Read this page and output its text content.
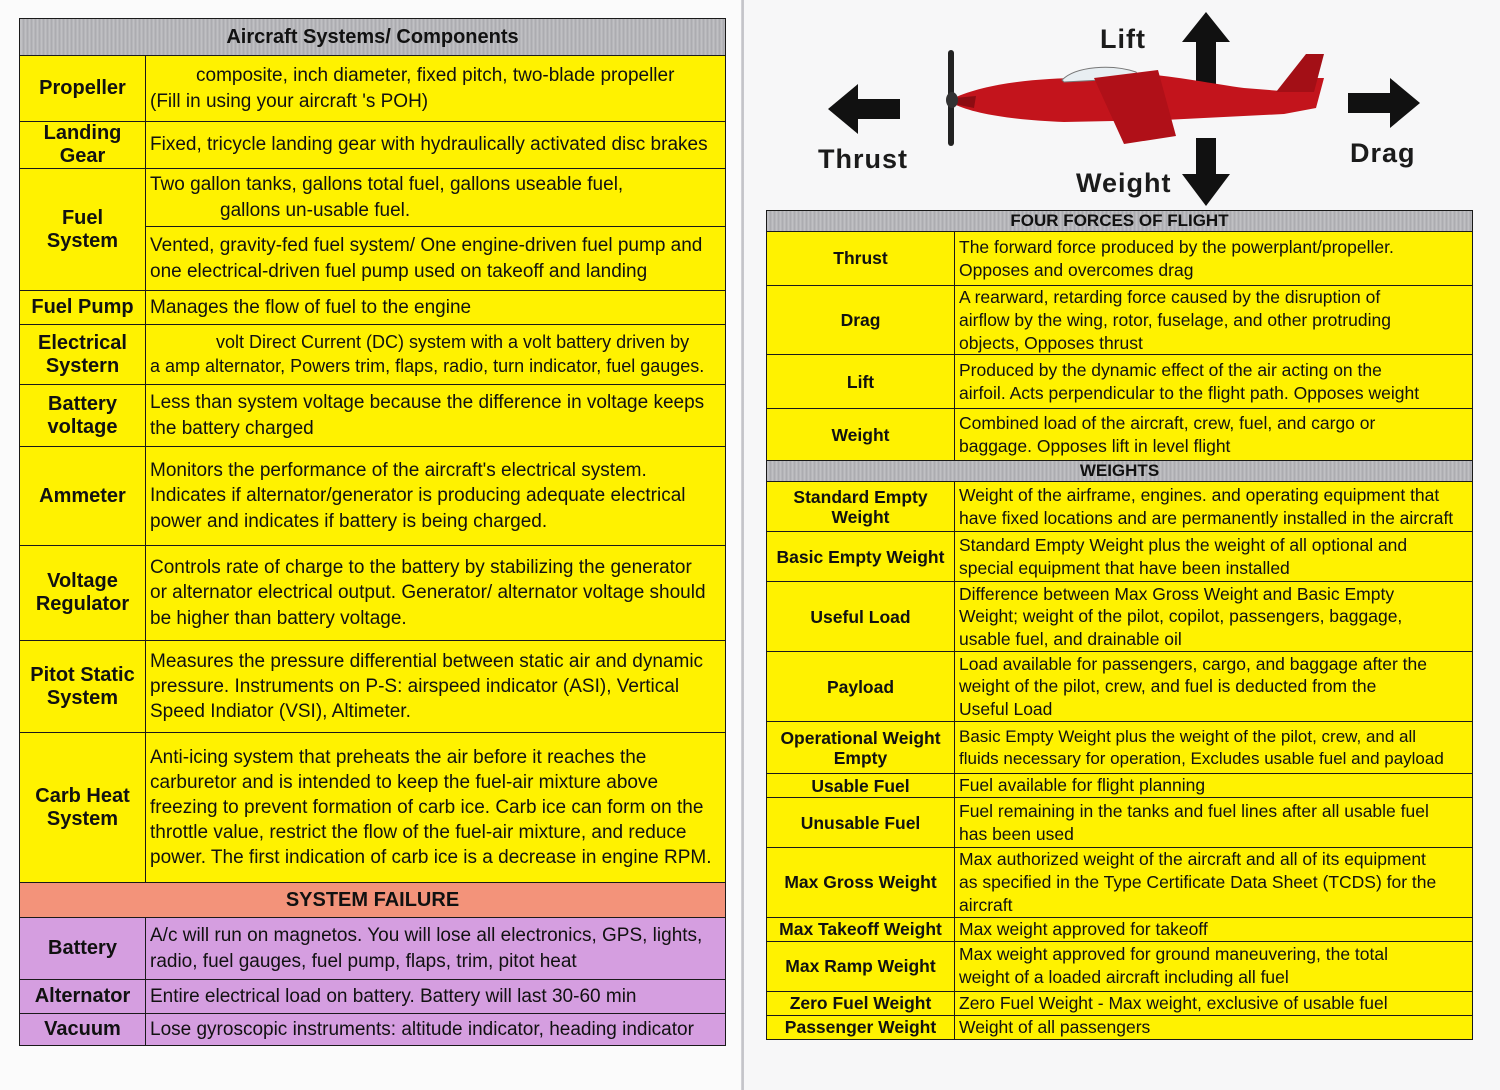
Aircraft Systems/ Components	
Propeller	composite, inch diameter, fixed pitch, two-blade propeller
(Fill in using your aircraft 's POH)

Landing Gear	Fixed, tricycle landing gear with hydraulically activated disc brakes

Fuel System	Two gallon tanks, gallons total fuel, gallons useable fuel,
gallons un-usable fuel.

	Vented, gravity-fed fuel system/ One engine-driven fuel pump and
one electrical-driven fuel pump used on takeoff and landing

Fuel Pump	Manages the flow of fuel to the engine

Electrical Systern	volt Direct Current (DC) system with a volt battery driven by
a amp alternator, Powers trim, flaps, radio, turn indicator, fuel gauges.

Battery voltage	Less than system voltage because the difference in voltage keeps
the battery charged

Ammeter	Monitors the performance of the aircraft's electrical system.
Indicates if alternator/generator is producing adequate electrical
power and indicates if battery is being charged.

Voltage Regulator	Controls rate of charge to the battery by stabilizing the generator
or alternator electrical output. Generator/ alternator voltage should
be higher than battery voltage.

Pitot Static System	Measures the pressure differential between static air and dynamic
pressure. Instruments on P-S: airspeed indicator (ASI), Vertical
Speed Indiator (VSI), Altimeter.

Carb Heat System	Anti-icing system that preheats the air before it reaches the
carburetor and is intended to keep the fuel-air mixture above
freezing to prevent formation of carb ice. Carb ice can form on the
throttle value, restrict the flow of the fuel-air mixture, and reduce
power. The first indication of carb ice is a decrease in engine RPM.

SYSTEM FAILURE	
Battery	A/c will run on magnetos. You will lose all electronics, GPS, lights,
radio, fuel gauges, fuel pump, flaps, trim, pitot heat

Alternator	Entire electrical load on battery. Battery will last 30-60 min

Vacuum	Lose gyroscopic instruments: altitude indicator, heading indicator
Lift
Thrust	Drag
Weight
FOUR FORCES OF FLIGHT	
Thrust	The forward force produced by the powerplant/propeller.
Opposes and overcomes drag

Drag	A rearward, retarding force caused by the disruption of
airflow by the wing, rotor, fuselage, and other protruding
objects, Opposes thrust

Lift	Produced by the dynamic effect of the air acting on the
airfoil. Acts perpendicular to the flight path. Opposes weight

Weight	Combined load of the aircraft, crew, fuel, and cargo or
baggage. Opposes lift in level flight

WEIGHTS	
Standard Empty Weight	Weight of the airframe, engines. and operating equipment that
have fixed locations and are permanently installed in the aircraft

Basic Empty Weight	Standard Empty Weight plus the weight of all optional and
special equipment that have been installed

Useful Load	Difference between Max Gross Weight and Basic Empty
Weight; weight of the pilot, copilot, passengers, baggage,
usable fuel, and drainable oil

Payload	Load available for passengers, cargo, and baggage after the
weight of the pilot, crew, and fuel is deducted from the
Useful Load

Operational Weight Empty	Basic Empty Weight plus the weight of the pilot, crew, and all
fluids necessary for operation, Excludes usable fuel and payload

Usable Fuel	Fuel available for flight planning

Unusable Fuel	Fuel remaining in the tanks and fuel lines after all usable fuel
has been used

Max Gross Weight	Max authorized weight of the aircraft and all of its equipment
as specified in the Type Certificate Data Sheet (TCDS) for the
aircraft

Max Takeoff Weight	Max weight approved for takeoff

Max Ramp Weight	Max weight approved for ground maneuvering, the total
weight of a loaded aircraft including all fuel

Zero Fuel Weight	Zero Fuel Weight - Max weight, exclusive of usable fuel

Passenger Weight	Weight of all passengers
